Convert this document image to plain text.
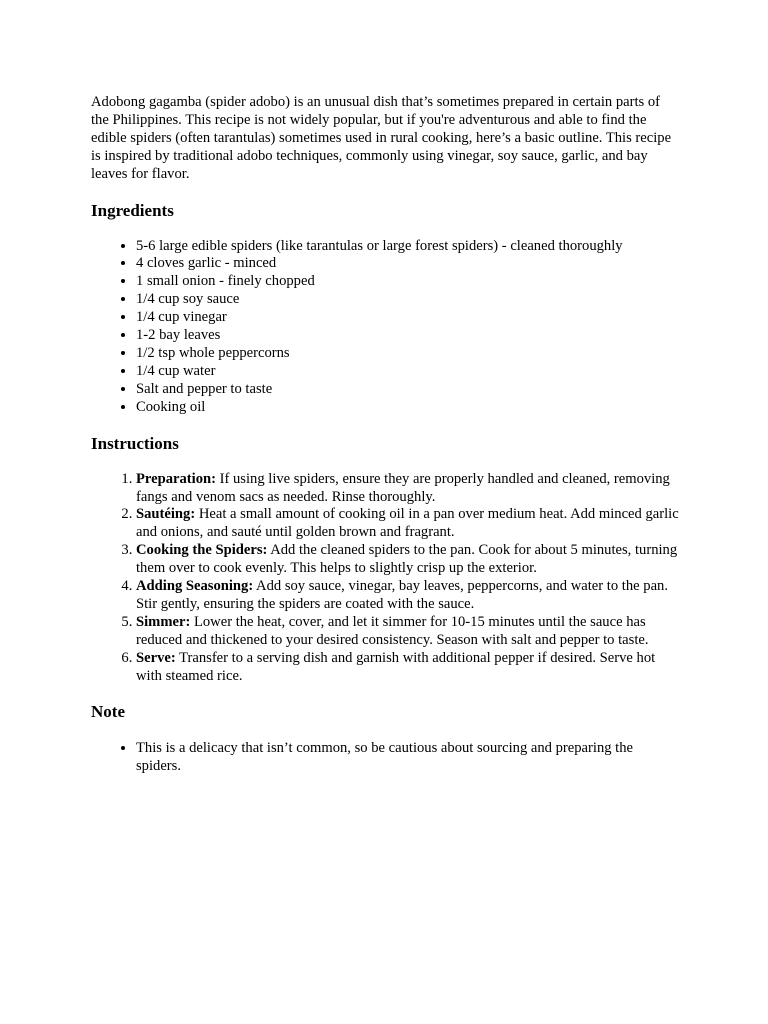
Adobong gagamba (spider adobo) is an unusual dish that’s sometimes prepared in certain parts of the Philippines. This recipe is not widely popular, but if you're adventurous and able to find the edible spiders (often tarantulas) sometimes used in rural cooking, here’s a basic outline. This recipe is inspired by traditional adobo techniques, commonly using vinegar, soy sauce, garlic, and bay leaves for flavor.

Ingredients
• 5-6 large edible spiders (like tarantulas or large forest spiders) - cleaned thoroughly
• 4 cloves garlic - minced
• 1 small onion - finely chopped
• 1/4 cup soy sauce
• 1/4 cup vinegar
• 1-2 bay leaves
• 1/2 tsp whole peppercorns
• 1/4 cup water
• Salt and pepper to taste
• Cooking oil
Instructions
1. Preparation: If using live spiders, ensure they are properly handled and cleaned, removing fangs and venom sacs as needed. Rinse thoroughly.
2. Sautéing: Heat a small amount of cooking oil in a pan over medium heat. Add minced garlic and onions, and sauté until golden brown and fragrant.
3. Cooking the Spiders: Add the cleaned spiders to the pan. Cook for about 5 minutes, turning them over to cook evenly. This helps to slightly crisp up the exterior.
4. Adding Seasoning: Add soy sauce, vinegar, bay leaves, peppercorns, and water to the pan. Stir gently, ensuring the spiders are coated with the sauce.
5. Simmer: Lower the heat, cover, and let it simmer for 10-15 minutes until the sauce has reduced and thickened to your desired consistency. Season with salt and pepper to taste.
6. Serve: Transfer to a serving dish and garnish with additional pepper if desired. Serve hot with steamed rice.
Note
• This is a delicacy that isn’t common, so be cautious about sourcing and preparing the spiders.
